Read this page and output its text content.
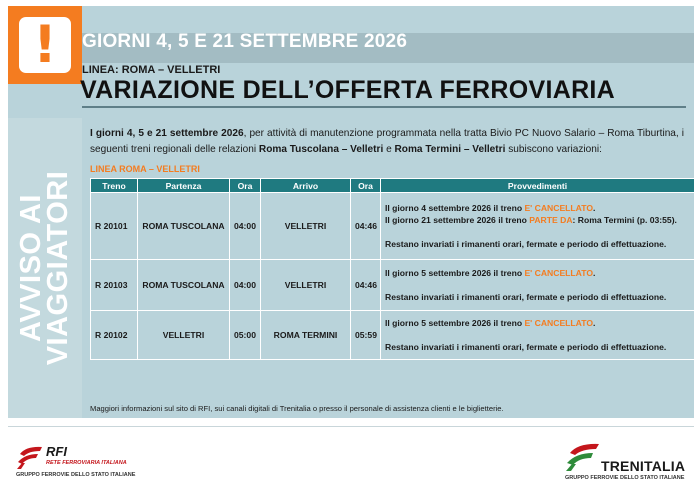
!
AVVISO AI
VIAGGIATORI
GIORNI 4, 5 E 21 SETTEMBRE 2026
LINEA: ROMA – VELLETRI
VARIAZIONE DELL’OFFERTA FERROVIARIA
I giorni 4, 5 e 21 settembre 2026, per attività di manutenzione programmata nella tratta Bivio PC Nuovo Salario – Roma Tiburtina, i seguenti treni regionali delle relazioni Roma Tuscolana – Velletri e Roma Termini – Velletri subiscono variazioni:
LINEA ROMA – VELLETRI
Treno	Partenza	Ora	Arrivo	Ora	Provvedimenti
R 20101	ROMA TUSCOLANA	04:00	VELLETRI	04:46	Il giorno 4 settembre 2026 il treno E' CANCELLATO.

Il giorno 21 settembre 2026 il treno PARTE DA: Roma Termini (p. 03:55).

Restano invariati i rimanenti orari, fermate e periodo di effettuazione.

R 20103	ROMA TUSCOLANA	04:00	VELLETRI	04:46	Il giorno 5 settembre 2026 il treno E' CANCELLATO.

Restano invariati i rimanenti orari, fermate e periodo di effettuazione.

R 20102	VELLETRI	05:00	ROMA TERMINI	05:59	Il giorno 5 settembre 2026 il treno E' CANCELLATO.

Restano invariati i rimanenti orari, fermate e periodo di effettuazione.

Maggiori informazioni sul sito di RFI, sui canali digitali di Trenitalia o presso il personale di assistenza clienti e le biglietterie.
RFI
RETE FERROVIARIA ITALIANA
GRUPPO FERROVIE DELLO STATO ITALIANE
TRENITALIA
GRUPPO FERROVIE DELLO STATO ITALIANE
